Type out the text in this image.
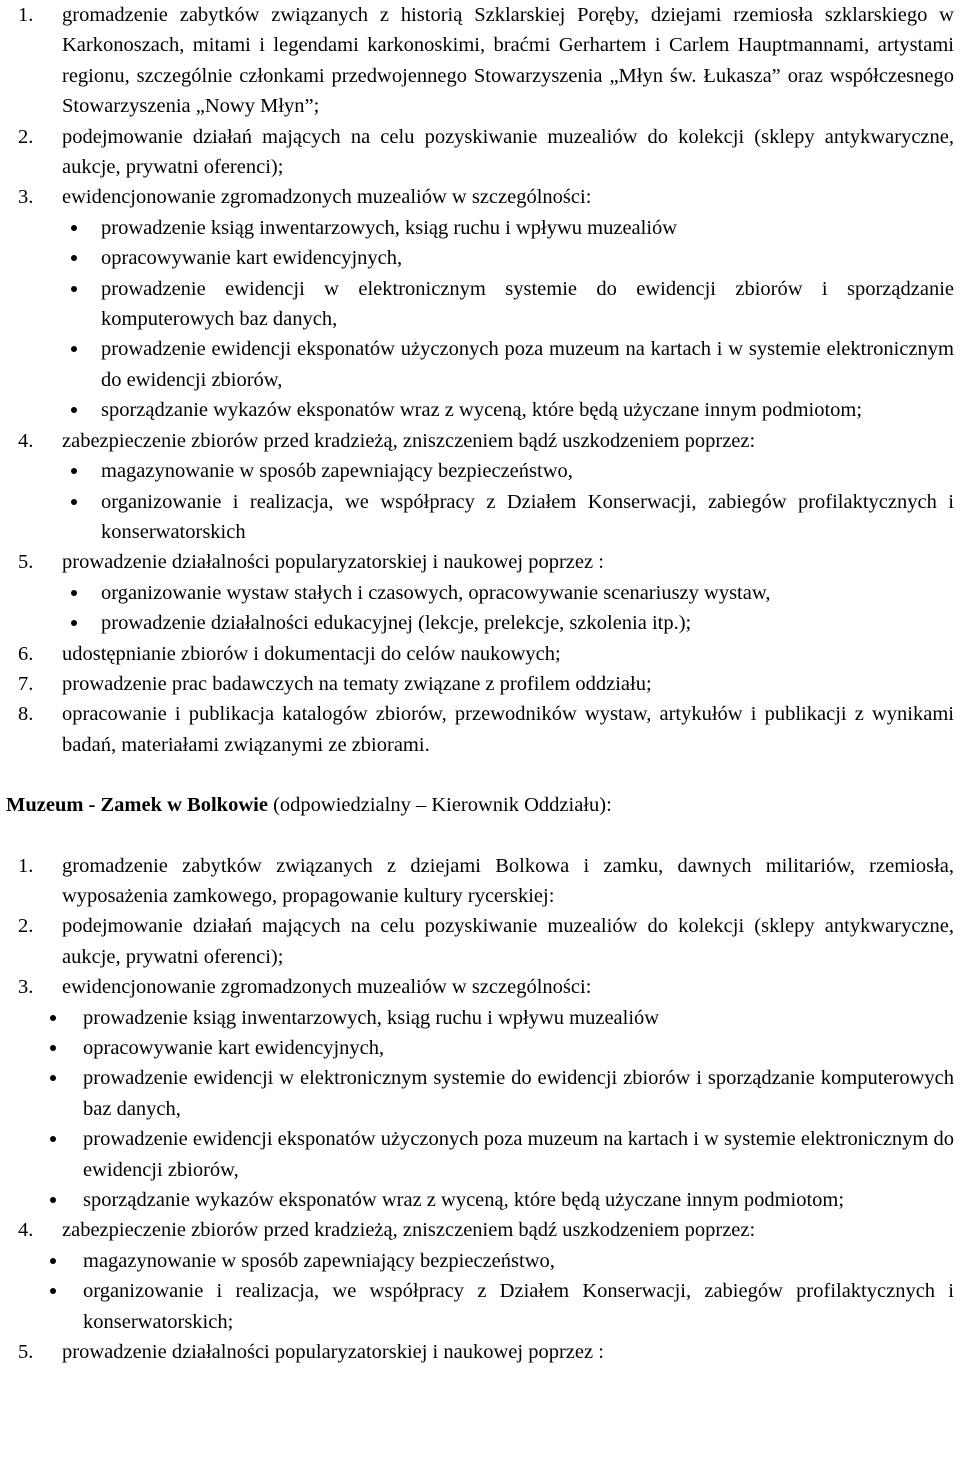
1. gromadzenie zabytków związanych z historią Szklarskiej Poręby, dziejami rzemiosła szklarskiego w Karkonoszach, mitami i legendami karkonoskimi, braćmi Gerhartem i Carlem Hauptmannami, artystami regionu, szczególnie członkami przedwojennego Stowarzyszenia „Młyn św. Łukasza” oraz współczesnego Stowarzyszenia „Nowy Młyn”;
2. podejmowanie działań mających na celu pozyskiwanie muzealiów do kolekcji (sklepy antykwaryczne, aukcje, prywatni oferenci);
3. ewidencjonowanie zgromadzonych muzealiów w szczególności:
prowadzenie ksiąg inwentarzowych, ksiąg ruchu i wpływu muzealiów
opracowywanie kart ewidencyjnych,
prowadzenie ewidencji w elektronicznym systemie do ewidencji zbiorów i sporządzanie komputerowych baz danych,
prowadzenie ewidencji eksponatów użyczonych poza muzeum na kartach i w systemie elektronicznym do ewidencji zbiorów,
sporządzanie wykazów eksponatów wraz z wyceną, które będą użyczane innym podmiotom;
4. zabezpieczenie zbiorów przed kradzieżą, zniszczeniem bądź uszkodzeniem poprzez:
magazynowanie w sposób zapewniający bezpieczeństwo,
organizowanie i realizacja, we współpracy z Działem Konserwacji, zabiegów profilaktycznych i konserwatorskich
5. prowadzenie działalności popularyzatorskiej i naukowej poprzez :
organizowanie wystaw stałych i czasowych, opracowywanie scenariuszy wystaw,
prowadzenie działalności edukacyjnej (lekcje, prelekcje, szkolenia itp.);
6. udostępnianie zbiorów i dokumentacji do celów naukowych;
7. prowadzenie prac badawczych na tematy związane z profilem oddziału;
8. opracowanie i publikacja katalogów zbiorów, przewodników wystaw, artykułów i publikacji z wynikami badań, materiałami związanymi ze zbiorami.

Muzeum - Zamek w Bolkowie (odpowiedzialny – Kierownik Oddziału):

1. gromadzenie zabytków związanych z dziejami Bolkowa i zamku, dawnych militariów, rzemiosła, wyposażenia zamkowego, propagowanie kultury rycerskiej:
2. podejmowanie działań mających na celu pozyskiwanie muzealiów do kolekcji (sklepy antykwaryczne, aukcje, prywatni oferenci);
3. ewidencjonowanie zgromadzonych muzealiów w szczególności:
prowadzenie ksiąg inwentarzowych, ksiąg ruchu i wpływu muzealiów
opracowywanie kart ewidencyjnych,
prowadzenie ewidencji w elektronicznym systemie do ewidencji zbiorów i sporządzanie komputerowych baz danych,
prowadzenie ewidencji eksponatów użyczonych poza muzeum na kartach i w systemie elektronicznym do ewidencji zbiorów,
sporządzanie wykazów eksponatów wraz z wyceną, które będą użyczane innym podmiotom;
4. zabezpieczenie zbiorów przed kradzieżą, zniszczeniem bądź uszkodzeniem poprzez:
magazynowanie w sposób zapewniający bezpieczeństwo,
organizowanie i realizacja, we współpracy z Działem Konserwacji, zabiegów profilaktycznych i konserwatorskich;
5. prowadzenie działalności popularyzatorskiej i naukowej poprzez :
